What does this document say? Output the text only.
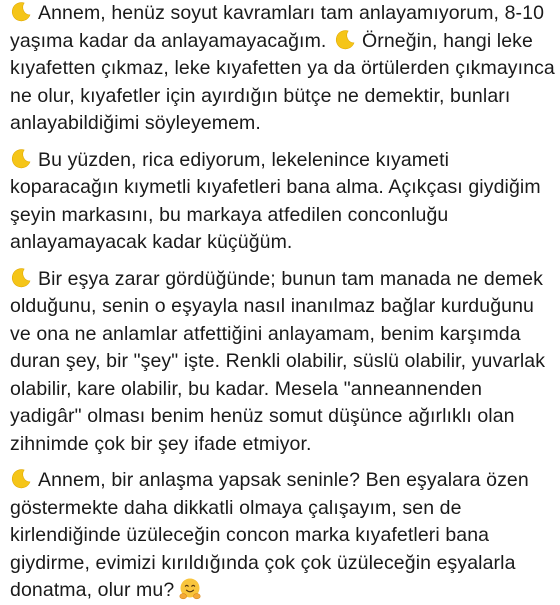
Annem, henüz soyut kavramları tam anlayamıyorum, 8-10 yaşıma kadar da anlayamayacağım. Örneğin, hangi leke kıyafetten çıkmaz, leke kıyafetten ya da örtülerden çıkmayınca ne olur, kıyafetler için ayırdığın bütçe ne demektir, bunları anlayabildiğimi söyleyemem.

Bu yüzden, rica ediyorum, lekelenince kıyameti koparacağın kıymetli kıyafetleri bana alma. Açıkçası giydiğim şeyin markasını, bu markaya atfedilen conconluğu anlayamayacak kadar küçüğüm.

Bir eşya zarar gördüğünde; bunun tam manada ne demek olduğunu, senin o eşyayla nasıl inanılmaz bağlar kurduğunu ve ona ne anlamlar atfettiğini anlayamam, benim karşımda duran şey, bir "şey" işte. Renkli olabilir, süslü olabilir, yuvarlak olabilir, kare olabilir, bu kadar. Mesela "anneannenden yadigâr" olması benim henüz somut düşünce ağırlıklı olan zihnimde çok bir şey ifade etmiyor.

Annem, bir anlaşma yapsak seninle? Ben eşyalara özen göstermekte daha dikkatli olmaya çalışayım, sen de kirlendiğinde üzüleceğin concon marka kıyafetleri bana giydirme, evimizi kırıldığında çok çok üzüleceğin eşyalarla donatma, olur mu?
